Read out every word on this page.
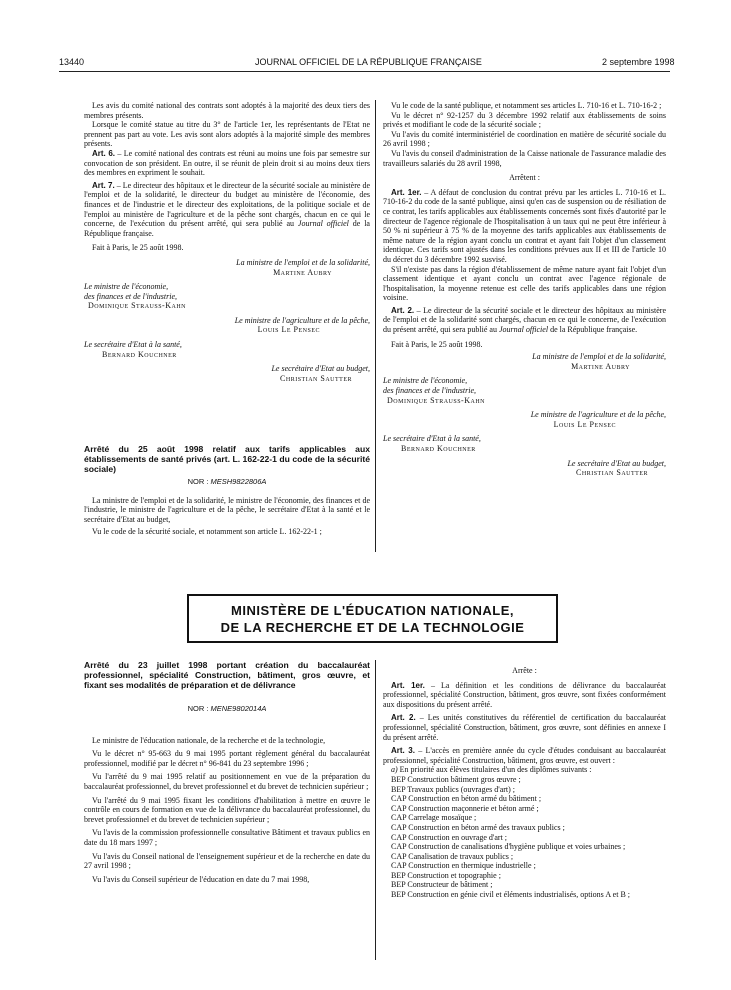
13440	JOURNAL OFFICIEL DE LA RÉPUBLIQUE FRANÇAISE	2 septembre 1998

Les avis du comité national des contrats sont adoptés à la majorité des deux tiers des membres présents.

Lorsque le comité statue au titre du 3° de l'article 1er, les représentants de l'Etat ne prennent pas part au vote. Les avis sont alors adoptés à la majorité simple des membres présents.

Art. 6. – Le comité national des contrats est réuni au moins une fois par semestre sur convocation de son président. En outre, il se réunit de plein droit si au moins deux tiers des membres en expriment le souhait.

Art. 7. – Le directeur des hôpitaux et le directeur de la sécurité sociale au ministère de l'emploi et de la solidarité, le directeur du budget au ministère de l'économie, des finances et de l'industrie et le directeur des exploitations, de la politique sociale et de l'emploi au ministère de l'agriculture et de la pêche sont chargés, chacun en ce qui le concerne, de l'exécution du présent arrêté, qui sera publié au Journal officiel de la République française.

Fait à Paris, le 25 août 1998.

La ministre de l'emploi et de la solidarité,

Martine Aubry

Le ministre de l'économie,

des finances et de l'industrie,

Dominique Strauss-Kahn

Le ministre de l'agriculture et de la pêche,

Louis Le Pensec

Le secrétaire d'Etat à la santé,

Bernard Kouchner

Le secrétaire d'Etat au budget,

Christian Sautter

Arrêté du 25 août 1998 relatif aux tarifs applicables aux établissements de santé privés (art. L. 162-22-1 du code de la sécurité sociale)
NOR : MESH9822806A

La ministre de l'emploi et de la solidarité, le ministre de l'économie, des finances et de l'industrie, le ministre de l'agriculture et de la pêche, le secrétaire d'Etat à la santé et le secrétaire d'Etat au budget,

Vu le code de la sécurité sociale, et notamment son article L. 162-22-1 ;

Vu le code de la santé publique, et notamment ses articles L. 710-16 et L. 710-16-2 ;

Vu le décret n° 92-1257 du 3 décembre 1992 relatif aux établissements de soins privés et modifiant le code de la sécurité sociale ;

Vu l'avis du comité interministériel de coordination en matière de sécurité sociale du 26 avril 1998 ;

Vu l'avis du conseil d'administration de la Caisse nationale de l'assurance maladie des travailleurs salariés du 28 avril 1998,

Arrêtent :

Art. 1er. – A défaut de conclusion du contrat prévu par les articles L. 710-16 et L. 710-16-2 du code de la santé publique, ainsi qu'en cas de suspension ou de résiliation de ce contrat, les tarifs applicables aux établissements concernés sont fixés d'autorité par le directeur de l'agence régionale de l'hospitalisation à un taux qui ne peut être inférieur à 50 % ni supérieur à 75 % de la moyenne des tarifs applicables aux établissements de même nature de la région ayant conclu un contrat et ayant fait l'objet d'un classement identique. Ces tarifs sont ajustés dans les conditions prévues aux II et III de l'article 10 du décret du 3 décembre 1992 susvisé.

S'il n'existe pas dans la région d'établissement de même nature ayant fait l'objet d'un classement identique et ayant conclu un contrat avec l'agence régionale de l'hospitalisation, la moyenne retenue est celle des tarifs applicables dans une région voisine.

Art. 2. – Le directeur de la sécurité sociale et le directeur des hôpitaux au ministère de l'emploi et de la solidarité sont chargés, chacun en ce qui le concerne, de l'exécution du présent arrêté, qui sera publié au Journal officiel de la République française.

Fait à Paris, le 25 août 1998.

La ministre de l'emploi et de la solidarité,

Martine Aubry

Le ministre de l'économie,

des finances et de l'industrie,

Dominique Strauss-Kahn

Le ministre de l'agriculture et de la pêche,

Louis Le Pensec

Le secrétaire d'Etat à la santé,

Bernard Kouchner

Le secrétaire d'Etat au budget,

Christian Sautter

MINISTÈRE DE L'ÉDUCATION NATIONALE,
DE LA RECHERCHE ET DE LA TECHNOLOGIE
Arrêté du 23 juillet 1998 portant création du baccalauréat professionnel, spécialité Construction, bâtiment, gros œuvre, et fixant ses modalités de préparation et de délivrance
NOR : MENE9802014A

Le ministre de l'éducation nationale, de la recherche et de la technologie,

Vu le décret n° 95-663 du 9 mai 1995 portant règlement général du baccalauréat professionnel, modifié par le décret n° 96-841 du 23 septembre 1996 ;

Vu l'arrêté du 9 mai 1995 relatif au positionnement en vue de la préparation du baccalauréat professionnel, du brevet professionnel et du brevet de technicien supérieur ;

Vu l'arrêté du 9 mai 1995 fixant les conditions d'habilitation à mettre en œuvre le contrôle en cours de formation en vue de la délivrance du baccalauréat professionnel, du brevet professionnel et du brevet de technicien supérieur ;

Vu l'avis de la commission professionnelle consultative Bâtiment et travaux publics en date du 18 mars 1997 ;

Vu l'avis du Conseil national de l'enseignement supérieur et de la recherche en date du 27 avril 1998 ;

Vu l'avis du Conseil supérieur de l'éducation en date du 7 mai 1998,

Arrête :

Art. 1er. – La définition et les conditions de délivrance du baccalauréat professionnel, spécialité Construction, bâtiment, gros œuvre, sont fixées conformément aux dispositions du présent arrêté.

Art. 2. – Les unités constitutives du référentiel de certification du baccalauréat professionnel, spécialité Construction, bâtiment, gros œuvre, sont définies en annexe I du présent arrêté.

Art. 3. – L'accès en première année du cycle d'études conduisant au baccalauréat professionnel, spécialité Construction, bâtiment, gros œuvre, est ouvert :

a) En priorité aux élèves titulaires d'un des diplômes suivants :

BEP Construction bâtiment gros œuvre ;

BEP Travaux publics (ouvrages d'art) ;

CAP Construction en béton armé du bâtiment ;

CAP Construction maçonnerie et béton armé ;

CAP Carrelage mosaïque ;

CAP Construction en béton armé des travaux publics ;

CAP Construction en ouvrage d'art ;

CAP Construction de canalisations d'hygiène publique et voies urbaines ;

CAP Canalisation de travaux publics ;

CAP Construction en thermique industrielle ;

BEP Construction et topographie ;

BEP Constructeur de bâtiment ;

BEP Construction en génie civil et éléments industrialisés, options A et B ;
